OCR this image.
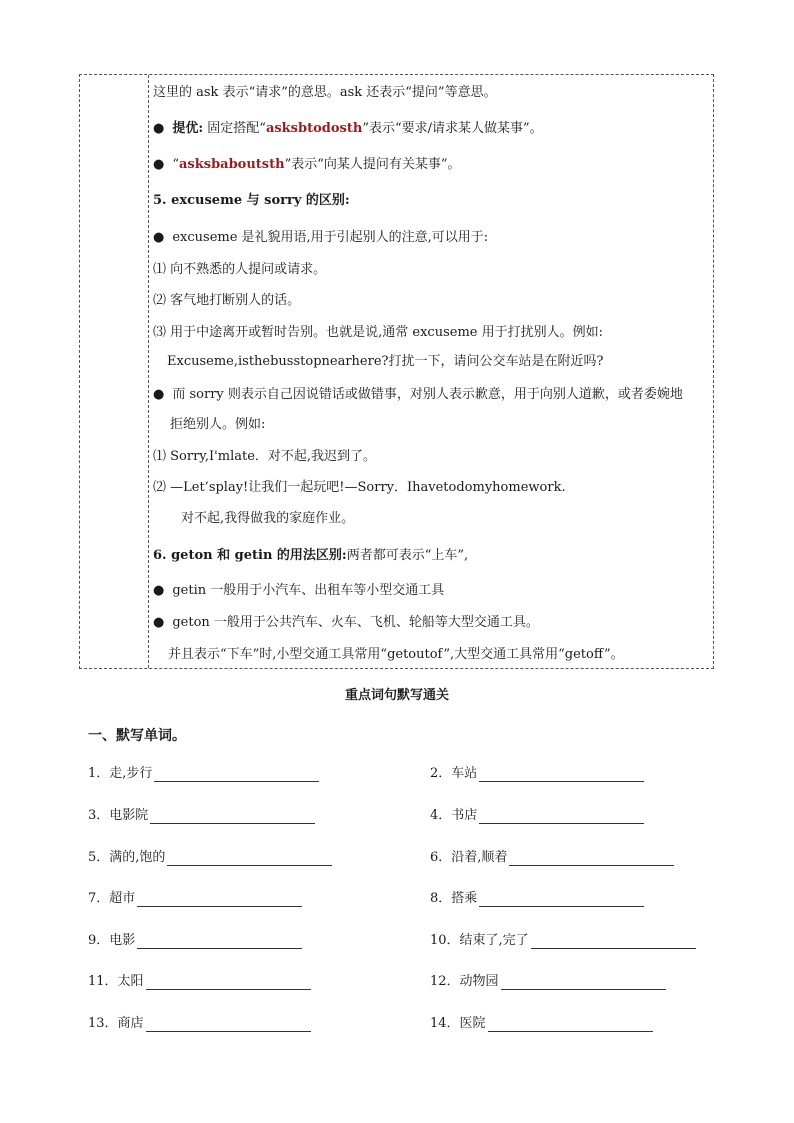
这里的 ask 表示“请求”的意思。ask 还表示“提问”等意思。
● 提优: 固定搭配“asksbtodosth”表示“要求/请求某人做某事”。
● “asksbaboutsth”表示“向某人提问有关某事”。
5. excuseme 与 sorry 的区别:
● excuseme 是礼貌用语,用于引起别人的注意,可以用于:
⑴ 向不熟悉的人提问或请求。
⑵ 客气地打断别人的话。
⑶ 用于中途离开或暂时告别。也就是说,通常 excuseme 用于打扰别人。例如:
Excuseme,isthebusstopnearhere?打扰一下，请问公交车站是在附近吗?
● 而 sorry 则表示自己因说错话或做错事，对别人表示歉意，用于向别人道歉，或者委婉地
拒绝别人。例如:
⑴ Sorry,I'mlate．对不起,我迟到了。
⑵ —Let’splay!让我们一起玩吧!—Sorry．Ihavetodomyhomework.
对不起,我得做我的家庭作业。
6. geton 和 getin 的用法区别:两者都可表示“上车”,
● getin 一般用于小汽车、出租车等小型交通工具
● geton 一般用于公共汽车、火车、飞机、轮船等大型交通工具。
并且表示“下车”时,小型交通工具常用“getoutof”,大型交通工具常用“getoff”。
重点词句默写通关
一、默写单词。
1． 走,步行	2． 车站
3． 电影院	4． 书店
5． 满的,饱的	6． 沿着,顺着
7． 超市	8． 搭乘
9． 电影	10． 结束了,完了
11． 太阳	12． 动物园
13． 商店	14． 医院
